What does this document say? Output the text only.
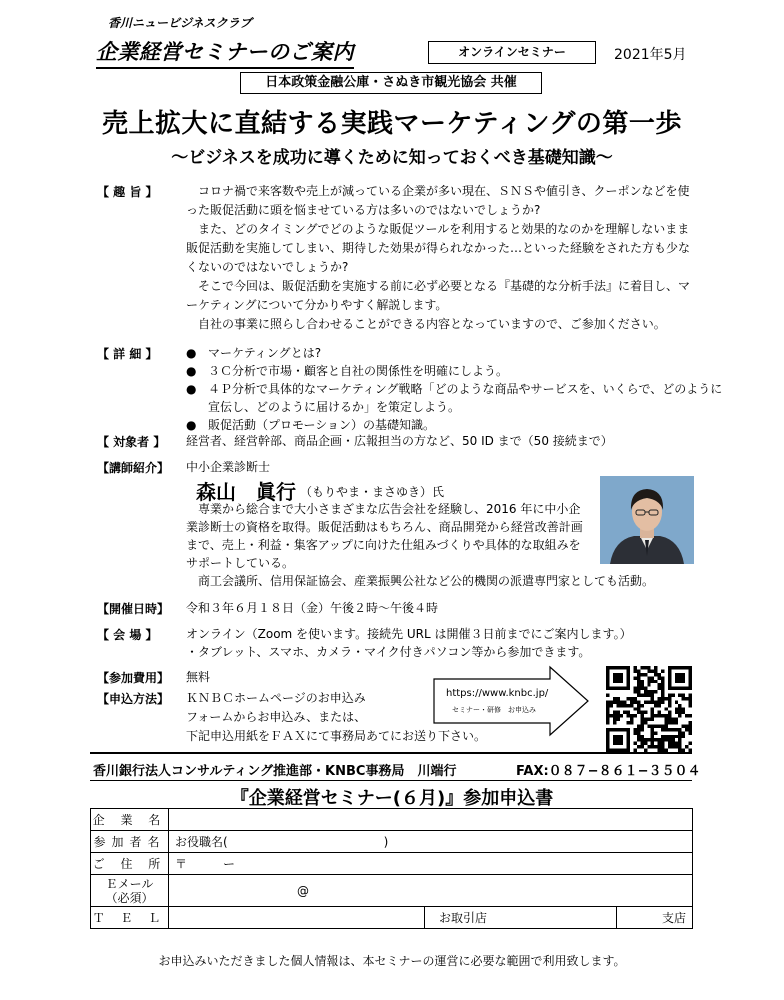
香川ニュービジネスクラブ
企業経営セミナーのご案内	オンラインセミナー	2021年5月
日本政策金融公庫・さぬき市観光協会 共催
売上拡大に直結する実践マーケティングの第一歩
〜ビジネスを成功に導くために知っておくべき基礎知識〜
【 趣 旨 】	コロナ禍で来客数や売上が減っている企業が多い現在、ＳＮＳや値引き、クーポンなどを使った販促活動に頭を悩ませている方は多いのではないでしょうか?

また、どのタイミングでどのような販促ツールを利用すると効果的なのかを理解しないまま販促活動を実施してしまい、期待した効果が得られなかった…といった経験をされた方も少なくないのではないでしょうか?

そこで今回は、販促活動を実施する前に必ず必要となる『基礎的な分析手法』に着目し、マーケティングについて分かりやすく解説します。

自社の事業に照らし合わせることができる内容となっていますので、ご参加ください。

【 詳 細 】	● マーケティングとは?
● ３Ｃ分析で市場・顧客と自社の関係性を明確にしよう。
● ４Ｐ分析で具体的なマーケティング戦略「どのような商品やサービスを、いくらで、どのように宣伝し、どのように届けるか」を策定しよう。
● 販促活動（プロモーション）の基礎知識。
【 対象者 】 経営者、経営幹部、商品企画・広報担当の方など、50 ID まで（50 接続まで）
【講師紹介】 中小企業診断士
森山　眞行 （もりやま・まさゆき）氏
専業から総合まで大小さまざまな広告会社を経験し、2016 年に中小企業診断士の資格を取得。販促活動はもちろん、商品開発から経営改善計画まで、売上・利益・集客アップに向けた仕組みづくりや具体的な取組みをサポートしている。
商工会議所、信用保証協会、産業振興公社など公的機関の派遣専門家としても活動。
【開催日時】 令和３年６月１８日（金）午後２時〜午後４時
【 会 場 】 オンライン（Zoom を使います。接続先 URL は開催３日前までにご案内します。）
・タブレット、スマホ、カメラ・マイク付きパソコン等から参加できます。
【参加費用】 無料
【申込方法】 ＫＮＢＣホームページのお申込み
フォームからお申込み、または、
下記申込用紙をＦＡＸにて事務局あてにお送り下さい。
https://www.knbc.jp/
セミナー・研修　お申込み
香川銀行法人コンサルティング推進部・KNBC事務局　川端行	FAX:０８７−８６１−３５０４
『企業経営セミナー(６月)』参加申込書
企 業 名			
参加者名	お役職名(　　　　　　　　　　　　　)		
ご 住 所	〒　　　ー		
Ｅメール
（必須）	@		
Ｔ Ｅ Ｌ		お取引店	支店
お申込みいただきました個人情報は、本セミナーの運営に必要な範囲で利用致します。
